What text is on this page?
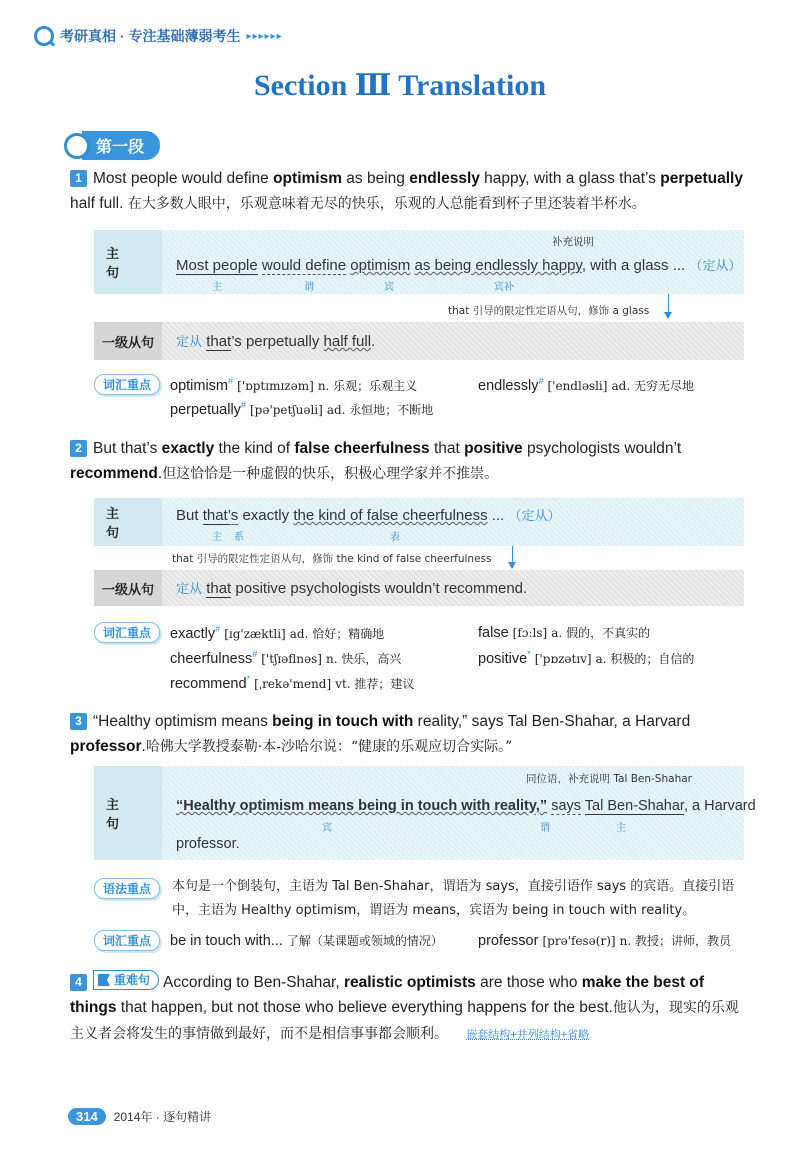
考研真相 · 专注基础薄弱考生 ▸▸▸▸▸▸
Section Ⅲ Translation
第一段
1 Most people would define optimism as being endlessly happy, with a glass that’s perpetually half full. 在大多数人眼中，乐观意味着无尽的快乐，乐观的人总能看到杯子里还装着半杯水。
主 句
补充说明
Most people would define optimism as being endlessly happy, with a glass ... （定从）
主	谓	宾	宾补
that 引导的限定性定语从句，修饰 a glass
一级从句	定从 that’s perpetually half full.
词汇重点	optimism# ['ɒptɪmɪzəm] n. 乐观；乐观主义	endlessly# ['endləsli] ad. 无穷无尽地
perpetually# [pə'petʃuəli] ad. 永恒地；不断地
2 But that’s exactly the kind of false cheerfulness that positive psychologists wouldn’t recommend.但这恰恰是一种虚假的快乐，积极心理学家并不推崇。
主 句
But that’s exactly the kind of false cheerfulness ... （定从）
主 系	表
that 引导的限定性定语从句，修饰 the kind of false cheerfulness
一级从句	定从 that positive psychologists wouldn’t recommend.
词汇重点	exactly# [ɪg'zæktli] ad. 恰好；精确地	false [fɔːls] a. 假的，不真实的
cheerfulness# ['tʃɪəflnəs] n. 快乐，高兴	positive* ['pɒzətɪv] a. 积极的；自信的
recommend* [ˌrekə'mend] vt. 推荐；建议
3 “Healthy optimism means being in touch with reality,” says Tal Ben-Shahar, a Harvard professor.哈佛大学教授泰勒·本-沙哈尔说：“健康的乐观应切合实际。”
主 句
同位语，补充说明 Tal Ben-Shahar
“Healthy optimism means being in touch with reality,” says Tal Ben-Shahar, a Harvard
professor.
宾	谓	主
语法重点	本句是一个倒装句，主语为 Tal Ben-Shahar，谓语为 says，直接引语作 says 的宾语。直接引语中，主语为 Healthy optimism，谓语为 means，宾语为 being in touch with reality。
词汇重点	be in touch with... 了解（某课题或领域的情况） professor [prə'fesə(r)] n. 教授；讲师，教员
4	重难句 According to Ben-Shahar, realistic optimists are those who make the best of things that happen, but not those who believe everything happens for the best.他认为，现实的乐观主义者会将发生的事情做到最好，而不是相信事事都会顺利。 嵌套结构+并列结构+省略
314	2014年 · 逐句精讲
